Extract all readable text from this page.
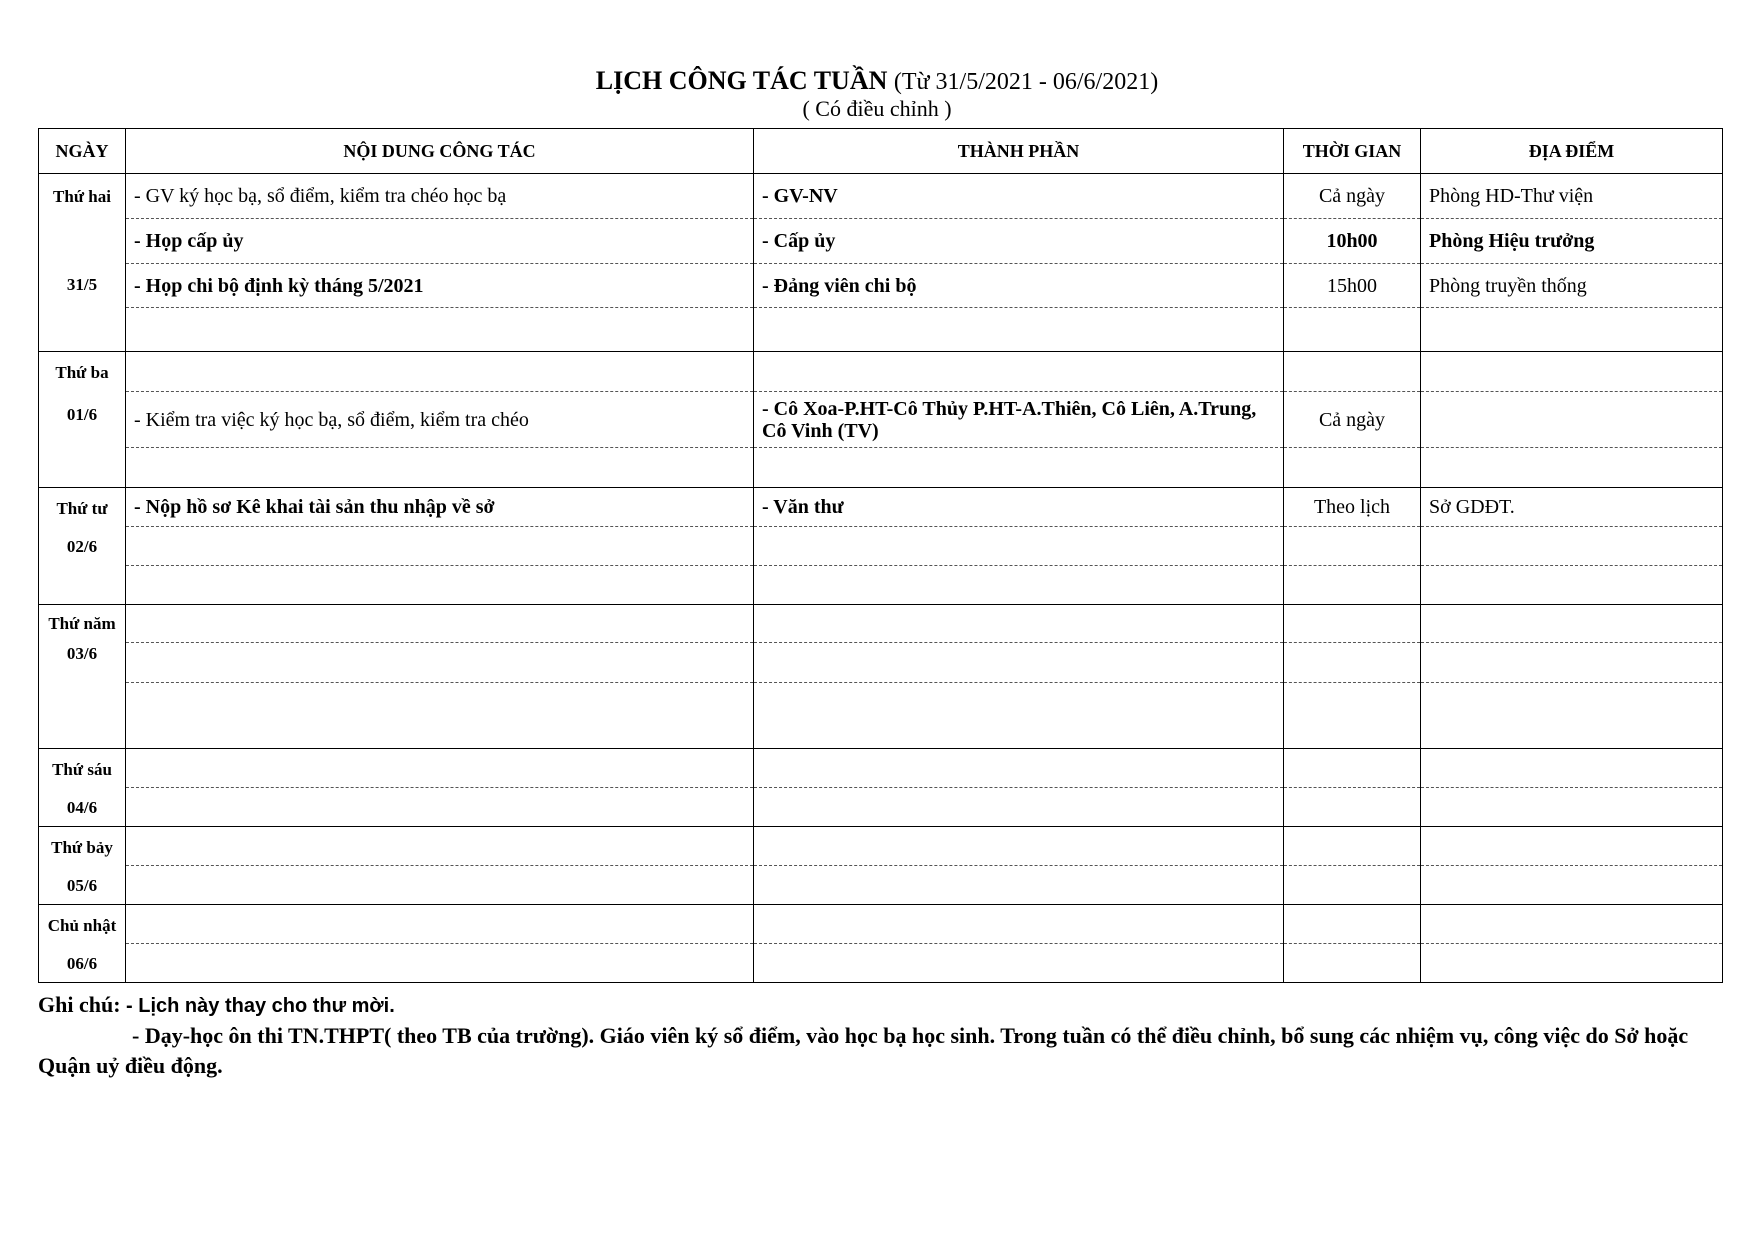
LỊCH CÔNG TÁC TUẦN (Từ 31/5/2021 - 06/6/2021)
( Có điều chỉnh )
NGÀY	NỘI DUNG CÔNG TÁC	THÀNH PHẦN	THỜI GIAN	ĐỊA ĐIỂM

Thứ hai
31/5	- GV ký học bạ, sổ điểm, kiểm tra chéo học bạ	- GV-NV	Cả ngày	Phòng HD-Thư viện
	- Họp cấp ủy	- Cấp ủy	10h00	Phòng Hiệu trưởng
	- Họp chi bộ định kỳ tháng 5/2021	- Đảng viên chi bộ	15h00	Phòng truyền thống

Thứ ba
01/6				

	- Kiểm tra việc ký học bạ, sổ điểm, kiểm tra chéo	- Cô Xoa-P.HT-Cô Thủy P.HT-A.Thiên, Cô Liên, A.Trung, Cô Vinh (TV)	Cả ngày	

Thứ tư
02/6	- Nộp hồ sơ Kê khai tài sản thu nhập về sở	- Văn thư	Theo lịch	Sở GDĐT.

Thứ năm
03/6				

Thứ sáu
04/6				

Thứ bảy
05/6				

Chủ nhật
06/6				

Ghi chú: - Lịch này thay cho thư mời.
- Dạy-học ôn thi TN.THPT( theo TB của trường). Giáo viên ký sổ điểm, vào học bạ học sinh. Trong tuần có thể điều chỉnh, bổ sung các nhiệm vụ, công việc do Sở hoặc Quận uỷ điều động.
